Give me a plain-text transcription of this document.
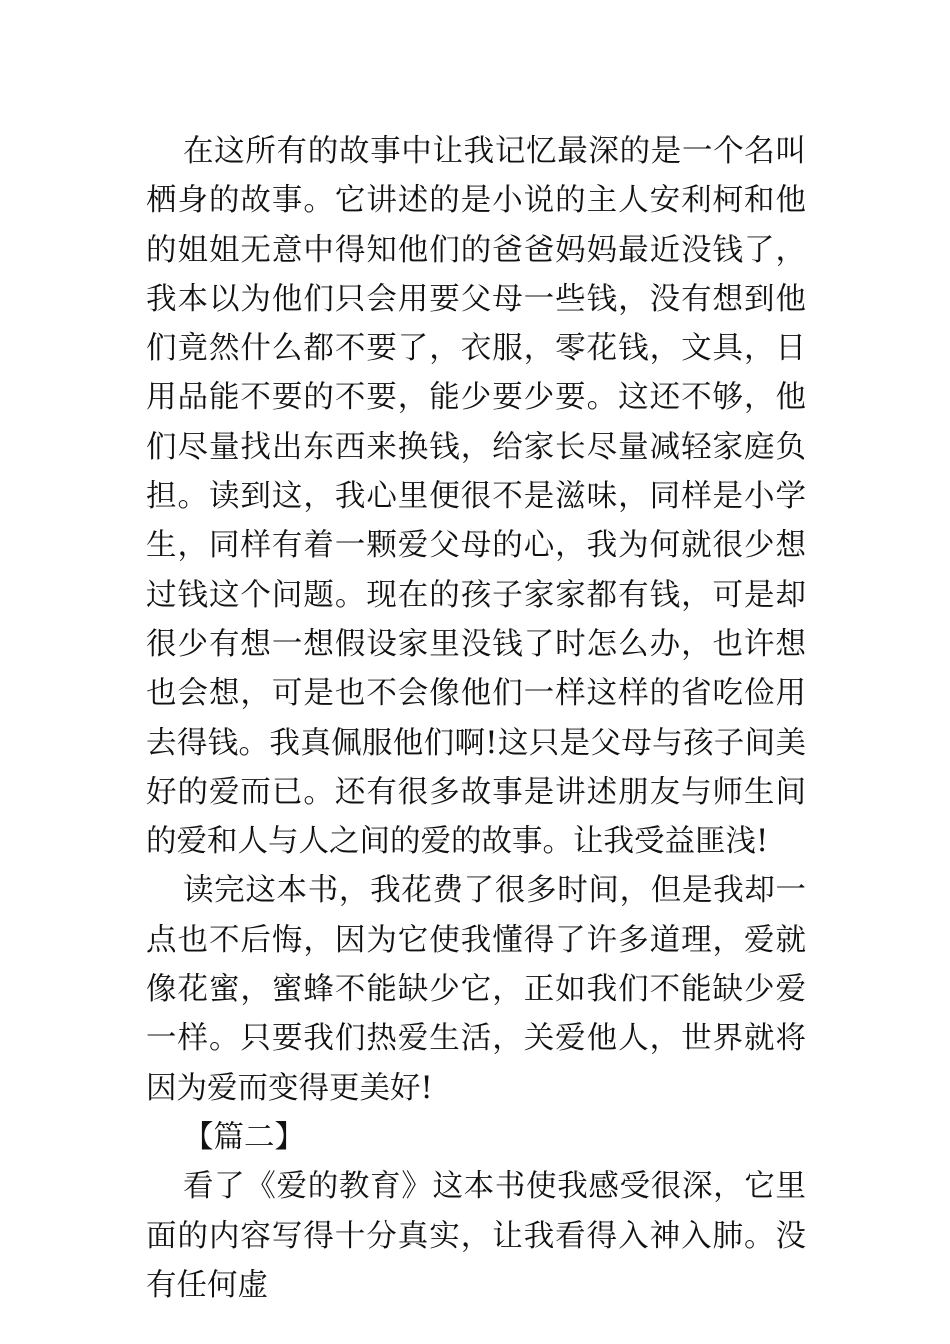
在这所有的故事中让我记忆最深的是一个名叫栖身的故事。它讲述的是小说的主人安利柯和他的姐姐无意中得知他们的爸爸妈妈最近没钱了，我本以为他们只会用要父母一些钱，没有想到他们竟然什么都不要了，衣服，零花钱，文具，日用品能不要的不要，能少要少要。这还不够，他们尽量找出东西来换钱，给家长尽量减轻家庭负担。读到这，我心里便很不是滋味，同样是小学生，同样有着一颗爱父母的心，我为何就很少想过钱这个问题。现在的孩子家家都有钱，可是却很少有想一想假设家里没钱了时怎么办，也许想也会想，可是也不会像他们一样这样的省吃俭用去得钱。我真佩服他们啊!这只是父母与孩子间美好的爱而已。还有很多故事是讲述朋友与师生间的爱和人与人之间的爱的故事。让我受益匪浅!

读完这本书，我花费了很多时间，但是我却一点也不后悔，因为它使我懂得了许多道理，爱就像花蜜，蜜蜂不能缺少它，正如我们不能缺少爱一样。只要我们热爱生活，关爱他人，世界就将因为爱而变得更美好!

【篇二】

看了《爱的教育》这本书使我感受很深，它里面的内容写得十分真实，让我看得入神入肺。没有任何虚
